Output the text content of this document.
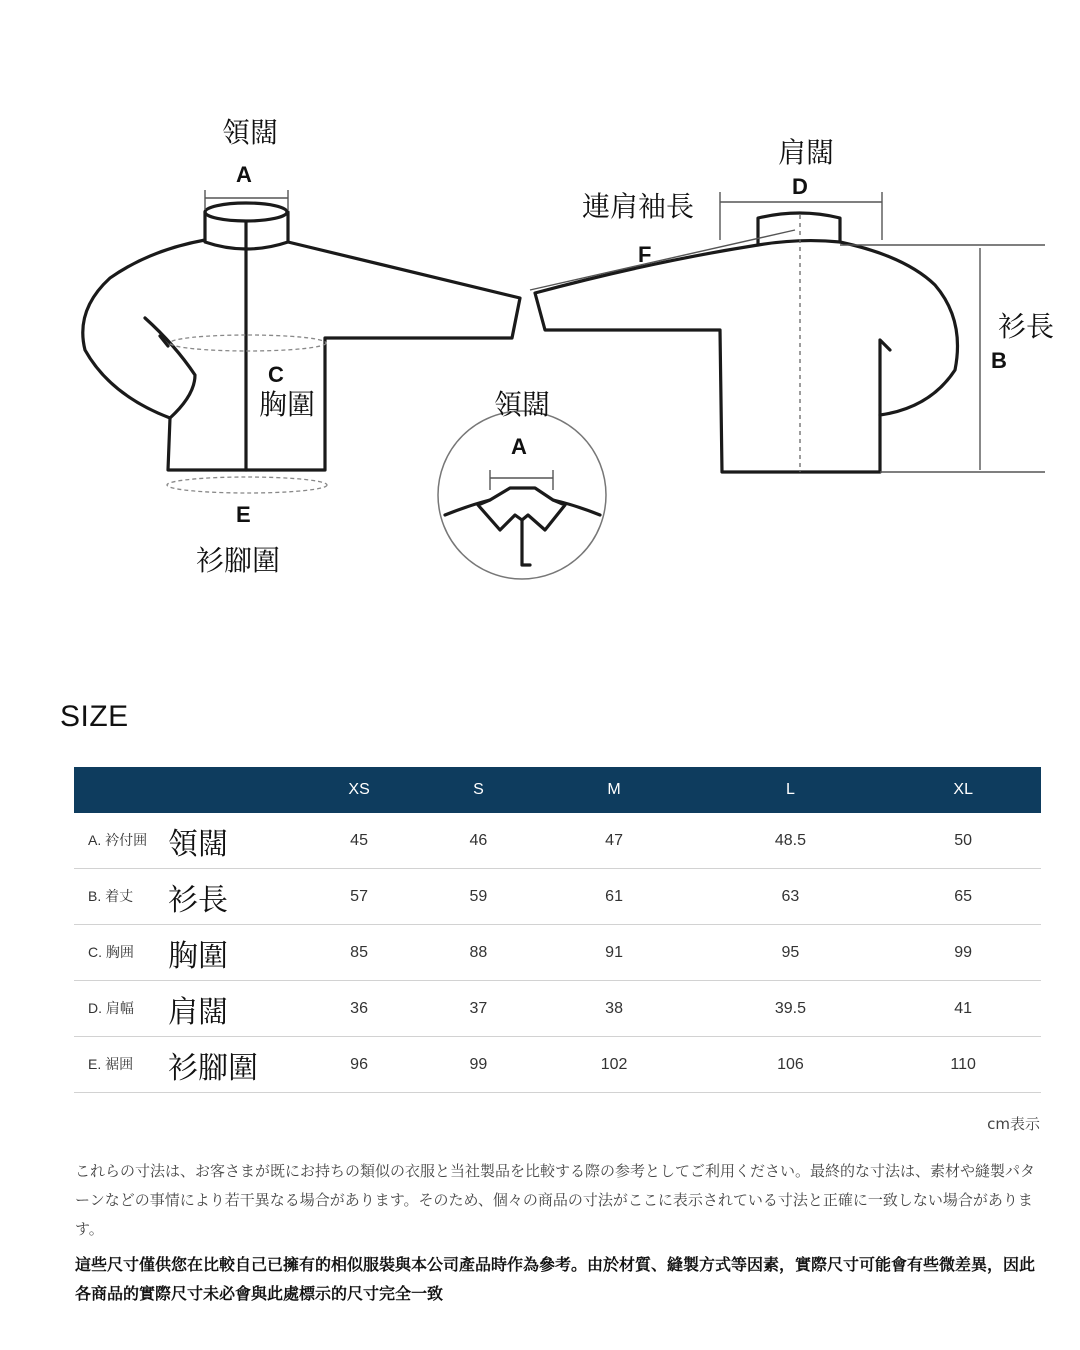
領闊
A
肩闊
D
連肩袖長
F
衫長
B
C
胸圍	領闊
A
E
衫腳圍
SIZE
	XS	S	M	L	XL
A. 衿付囲 領闊	45	46	47	48.5	50
B. 着丈 衫長	57	59	61	63	65
C. 胸囲 胸圍	85	88	91	95	99
D. 肩幅 肩闊	36	37	38	39.5	41
E. 裾囲 衫腳圍	96	99	102	106	110
cm表示
これらの寸法は、お客さまが既にお持ちの類似の衣服と当社製品を比較する際の参考としてご利用ください。最終的な寸法は、素材や縫製パターンなどの事情により若干異なる場合があります。そのため、個々の商品の寸法がここに表示されている寸法と正確に一致しない場合があります。
這些尺寸僅供您在比較自己已擁有的相似服裝與本公司產品時作為參考。由於材質、縫製方式等因素，實際尺寸可能會有些微差異，因此各商品的實際尺寸未必會與此處標示的尺寸完全一致
